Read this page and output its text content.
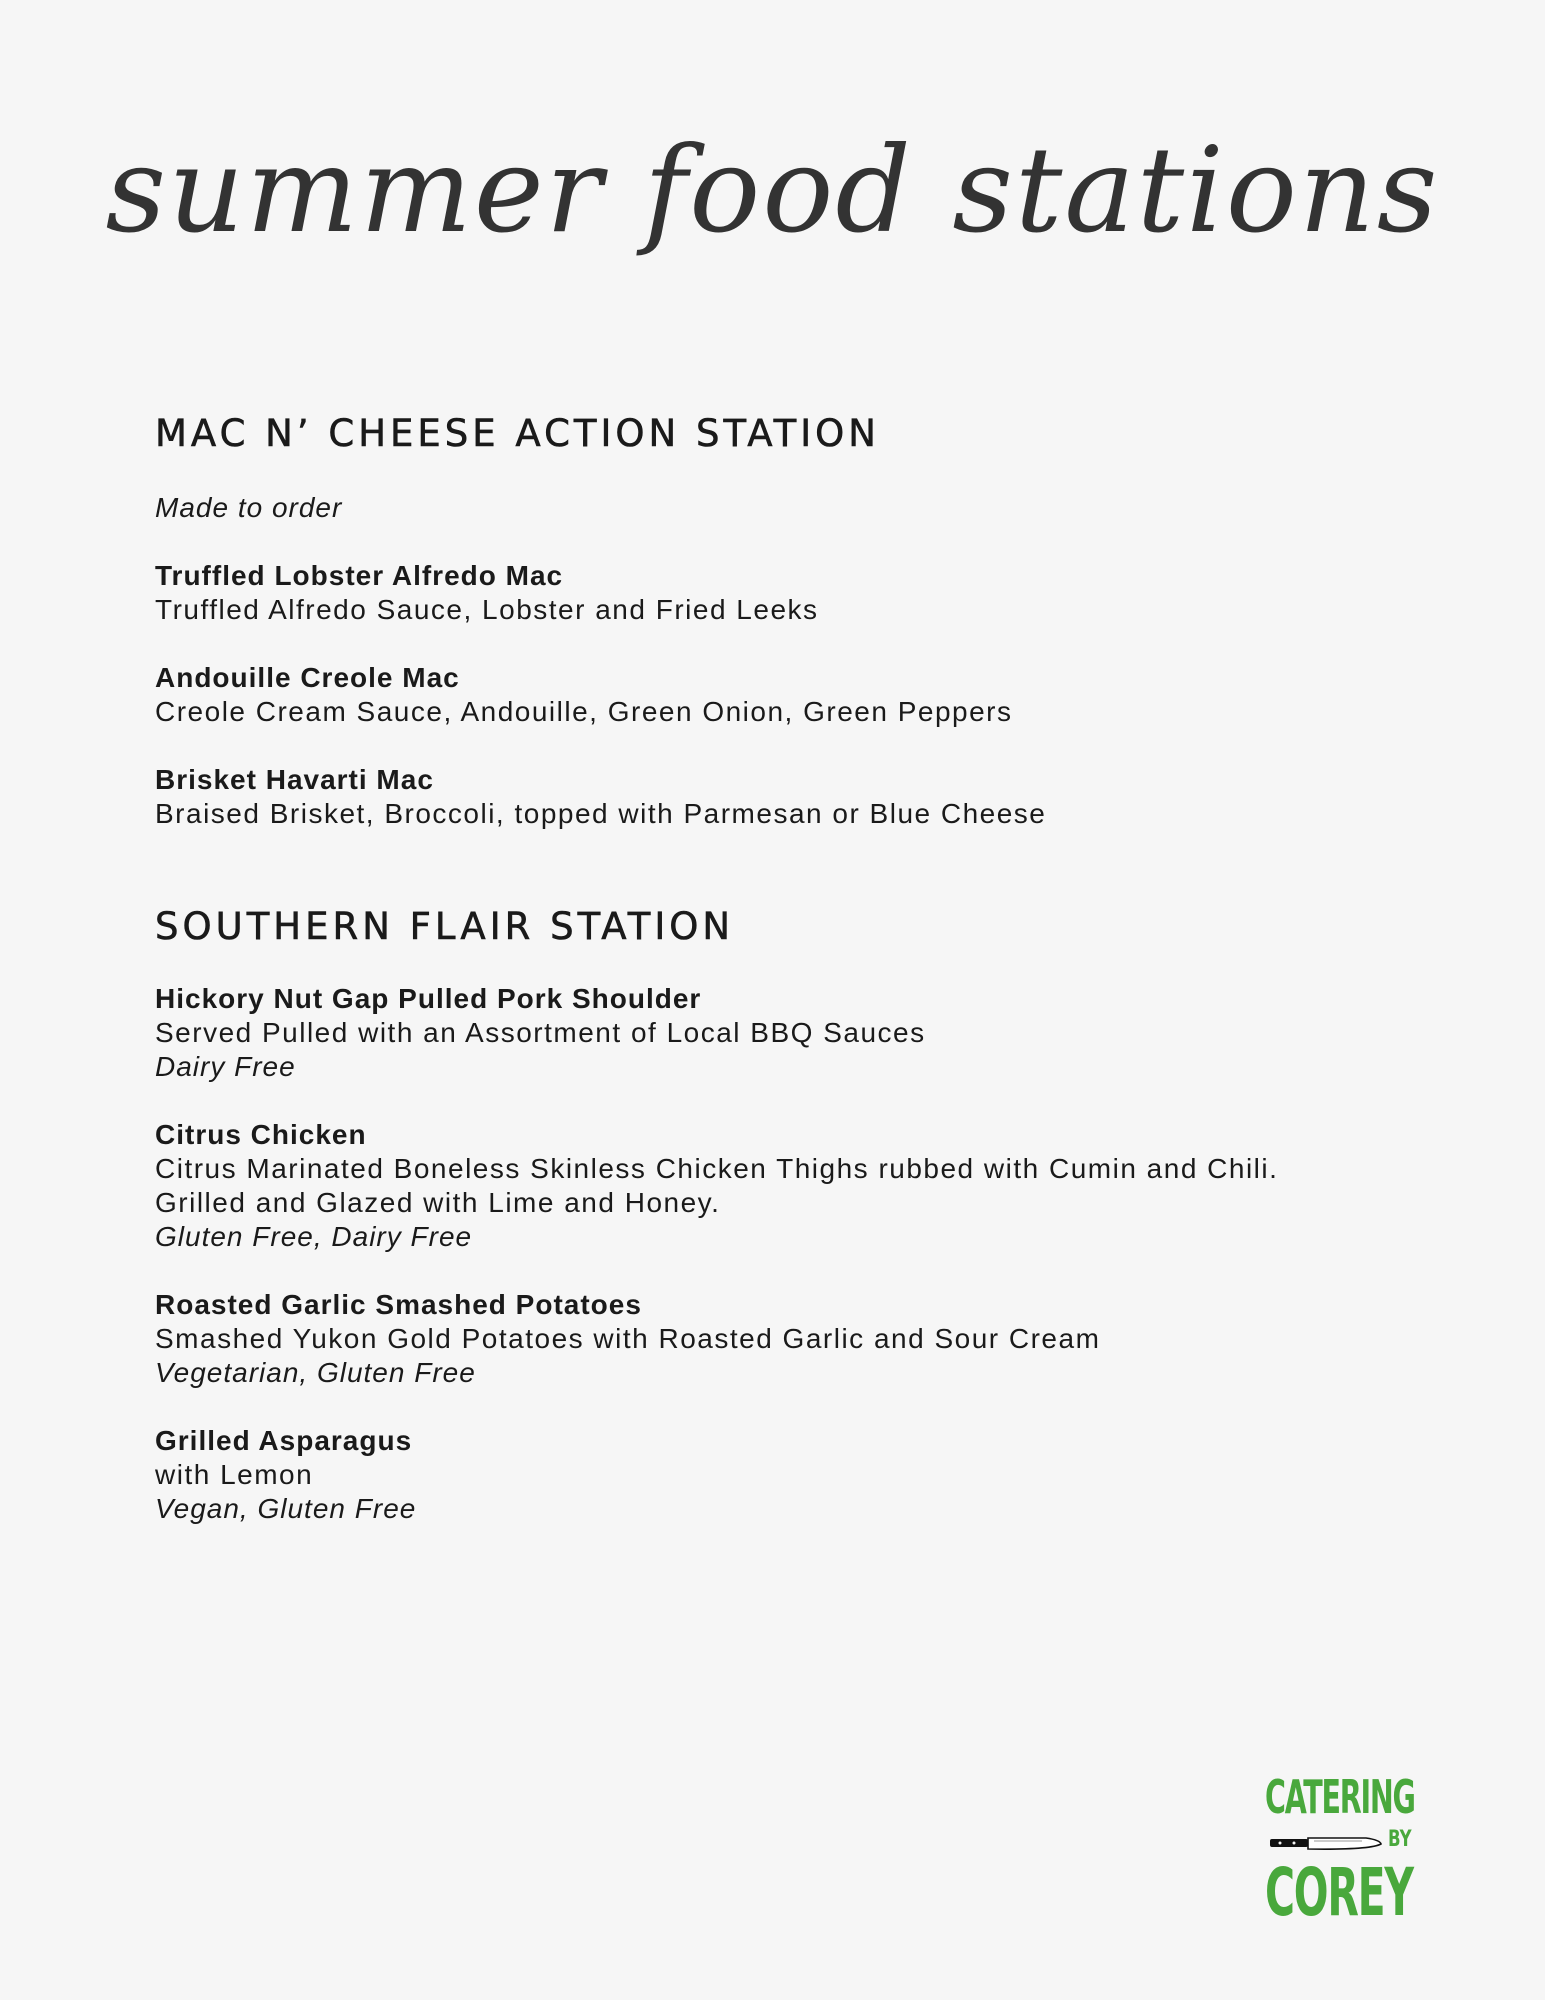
summer food stations
MAC N’ CHEESE ACTION STATION

Made to order

Truffled Lobster Alfredo Mac
Truffled Alfredo Sauce, Lobster and Fried Leeks
Andouille Creole Mac
Creole Cream Sauce, Andouille, Green Onion, Green Peppers
Brisket Havarti Mac
Braised Brisket, Broccoli, topped with Parmesan or Blue Cheese
SOUTHERN FLAIR STATION
Hickory Nut Gap Pulled Pork Shoulder
Served Pulled with an Assortment of Local BBQ Sauces
Dairy Free
Citrus Chicken
Citrus Marinated Boneless Skinless Chicken Thighs rubbed with Cumin and Chili.
Grilled and Glazed with Lime and Honey.
Gluten Free, Dairy Free
Roasted Garlic Smashed Potatoes
Smashed Yukon Gold Potatoes with Roasted Garlic and Sour Cream
Vegetarian, Gluten Free
Grilled Asparagus
with Lemon
Vegan, Gluten Free
CATERING
BY
COREY
